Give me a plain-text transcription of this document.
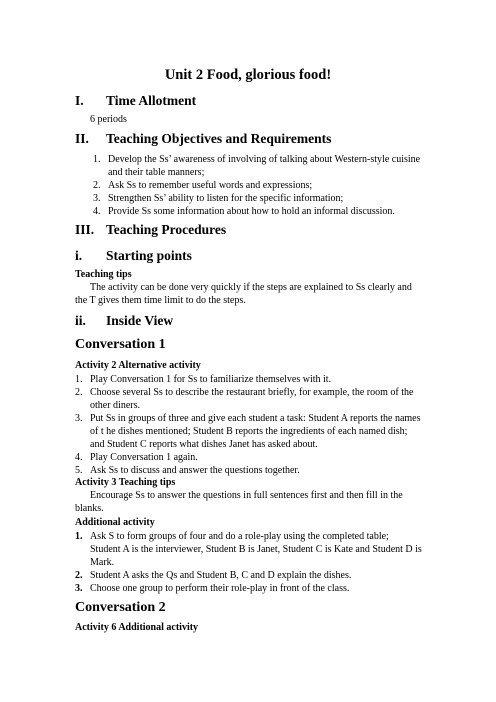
Unit 2 Food, glorious food!
I. Time Allotment
6 periods
II. Teaching Objectives and Requirements
1. Develop the Ss’ awareness of involving of talking about Western-style cuisine
and their table manners;
2. Ask Ss to remember useful words and expressions;
3. Strengthen Ss’ ability to listen for the specific information;
4. Provide Ss some information about how to hold an informal discussion.
III. Teaching Procedures
i. Starting points
Teaching tips
The activity can be done very quickly if the steps are explained to Ss clearly and
the T gives them time limit to do the steps.
ii. Inside View
Conversation 1
Activity 2 Alternative activity
1. Play Conversation 1 for Ss to familiarize themselves with it.
2. Choose several Ss to describe the restaurant briefly, for example, the room of the
other diners.
3. Put Ss in groups of three and give each student a task: Student A reports the names
of t he dishes mentioned; Student B reports the ingredients of each named dish;
and Student C reports what dishes Janet has asked about.
4. Play Conversation 1 again.
5. Ask Ss to discuss and answer the questions together.
Activity 3 Teaching tips
Encourage Ss to answer the questions in full sentences first and then fill in the
blanks.
Additional activity
1. Ask S to form groups of four and do a role-play using the completed table;
Student A is the interviewer, Student B is Janet, Student C is Kate and Student D is
Mark.
2. Student A asks the Qs and Student B, C and D explain the dishes.
3. Choose one group to perform their role-play in front of the class.
Conversation 2
Activity 6 Additional activity
